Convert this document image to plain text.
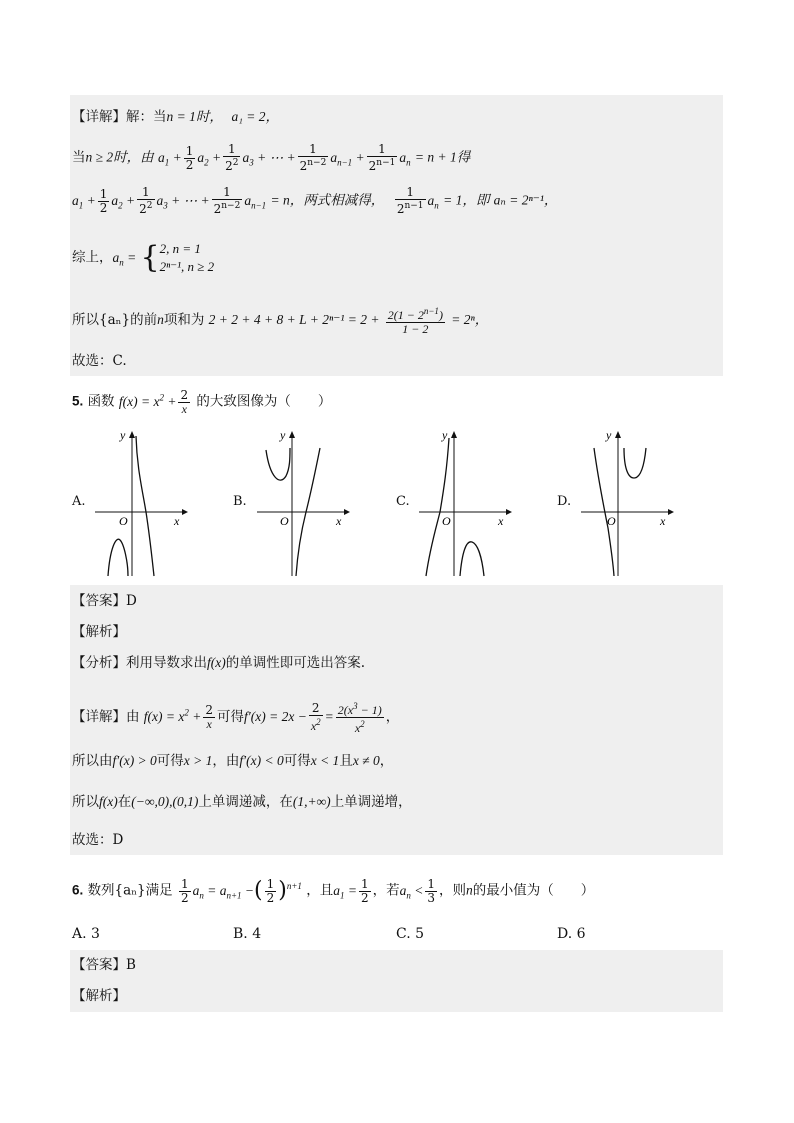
【详解】解：当n = 1时， a₁ = 2，
当n ≥ 2时，由 $a_1 + \frac{1}{2} a_2 + \frac{1}{2^2} a_3$ + ⋯ + $\frac{1}{2^{n-2}} a_{n-1} + \frac{1}{2^{n-1}} a_n = n + 1$得
$a_1 + \frac{1}{2} a_2 + \frac{1}{2^2} a_3$ + ⋯ + $\frac{1}{2^{n-2}} a_{n-1} = n$，两式相减得， $\frac{1}{2^{n-1}} a_n = 1$，即 aₙ = 2ⁿ⁻¹，
综上，$a_n$ = { 2, n = 1
2ⁿ⁻¹, n ≥ 2
所以{aₙ}的前n项和为 $2 + 2 + 4 + 8 + L + 2^{n-1} = 2 + \frac{2(1 - 2^{n-1})}{1 - 2} = 2^n$，
故选：C.
5. 函数 $f(x) = x^2 + \frac{2}{x}$ 的大致图像为（　　）
A.
y
O	x
B.
y
O	x
C.
y
O	x
D.
y
O	x
【答案】D
【解析】
【分析】利用导数求出f(x)的单调性即可选出答案.
【详解】由 $f(x) = x^2 + \frac{2}{x}$ 可得$f'(x) = 2x - \frac{2}{x^2} = \frac{2(x^3 - 1)}{x^2}$ ，
所以由f′(x) > 0可得x > 1，由f′(x) < 0可得x < 1且x ≠ 0，
所以f(x)在(−∞,0),(0,1)上单调递减，在(1,+∞)上单调递增，
故选：D
6. 数列{aₙ}满足 $\frac{1}{2} a_n = a_{n+1}$ −( $\frac{1}{2} )^{n+1}$ ，且$a_1 = \frac{1}{2}$ ，若$a_n < \frac{1}{3}$ ，则n的最小值为（　　）
A. 3	B. 4	C. 5	D. 6
【答案】B
【解析】
